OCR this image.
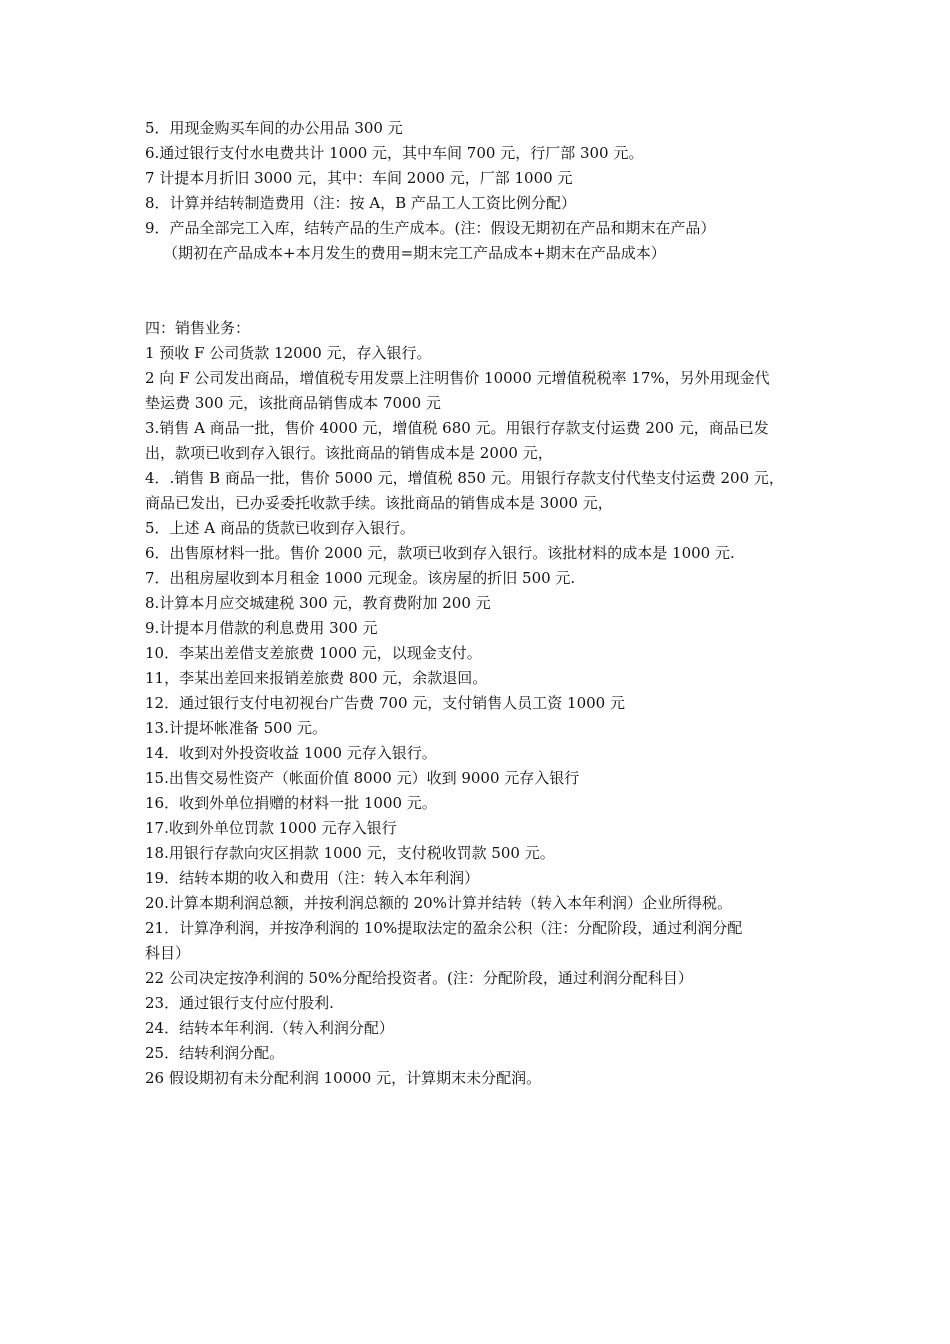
5．用现金购买车间的办公用品 300 元
6.通过银行支付水电费共计 1000 元，其中车间 700 元，行厂部 300 元。
7 计提本月折旧 3000 元，其中：车间 2000 元，厂部 1000 元
8．计算并结转制造费用（注：按 A，B 产品工人工资比例分配）
9．产品全部完工入库，结转产品的生产成本。(注：假设无期初在产品和期末在产品）
（期初在产品成本+本月发生的费用=期末完工产品成本+期末在产品成本）
四：销售业务：
1 预收 F 公司货款 12000 元，存入银行。
2 向 F 公司发出商品，增值税专用发票上注明售价 10000 元增值税税率 17%，另外用现金代
垫运费 300 元，该批商品销售成本 7000 元
3.销售 A 商品一批，售价 4000 元，增值税 680 元。用银行存款支付运费 200 元，商品已发
出，款项已收到存入银行。该批商品的销售成本是 2000 元，
4．.销售 B 商品一批，售价 5000 元，增值税 850 元。用银行存款支付代垫支付运费 200 元，
商品已发出，已办妥委托收款手续。该批商品的销售成本是 3000 元，
5．上述 A 商品的货款已收到存入银行。
6．出售原材料一批。售价 2000 元，款项已收到存入银行。该批材料的成本是 1000 元.
7．出租房屋收到本月租金 1000 元现金。该房屋的折旧 500 元.
8.计算本月应交城建税 300 元，教育费附加 200 元
9.计提本月借款的利息费用 300 元
10．李某出差借支差旅费 1000 元，以现金支付。
11，李某出差回来报销差旅费 800 元，余款退回。
12．通过银行支付电初视台广告费 700 元，支付销售人员工资 1000 元
13.计提坏帐准备 500 元。
14．收到对外投资收益 1000 元存入银行。
15.出售交易性资产（帐面价值 8000 元）收到 9000 元存入银行
16．收到外单位捐赠的材料一批 1000 元。
17.收到外单位罚款 1000 元存入银行
18.用银行存款向灾区捐款 1000 元，支付税收罚款 500 元。
19．结转本期的收入和费用（注：转入本年利润）
20.计算本期利润总额，并按利润总额的 20%计算并结转（转入本年利润）企业所得税。
21．计算净利润，并按净利润的 10%提取法定的盈余公积（注：分配阶段，通过利润分配
科目）
22 公司决定按净利润的 50%分配给投资者。(注：分配阶段，通过利润分配科目）
23．通过银行支付应付股利.
24．结转本年利润.（转入利润分配）
25．结转利润分配。
26 假设期初有未分配利润 10000 元，计算期末未分配润。
